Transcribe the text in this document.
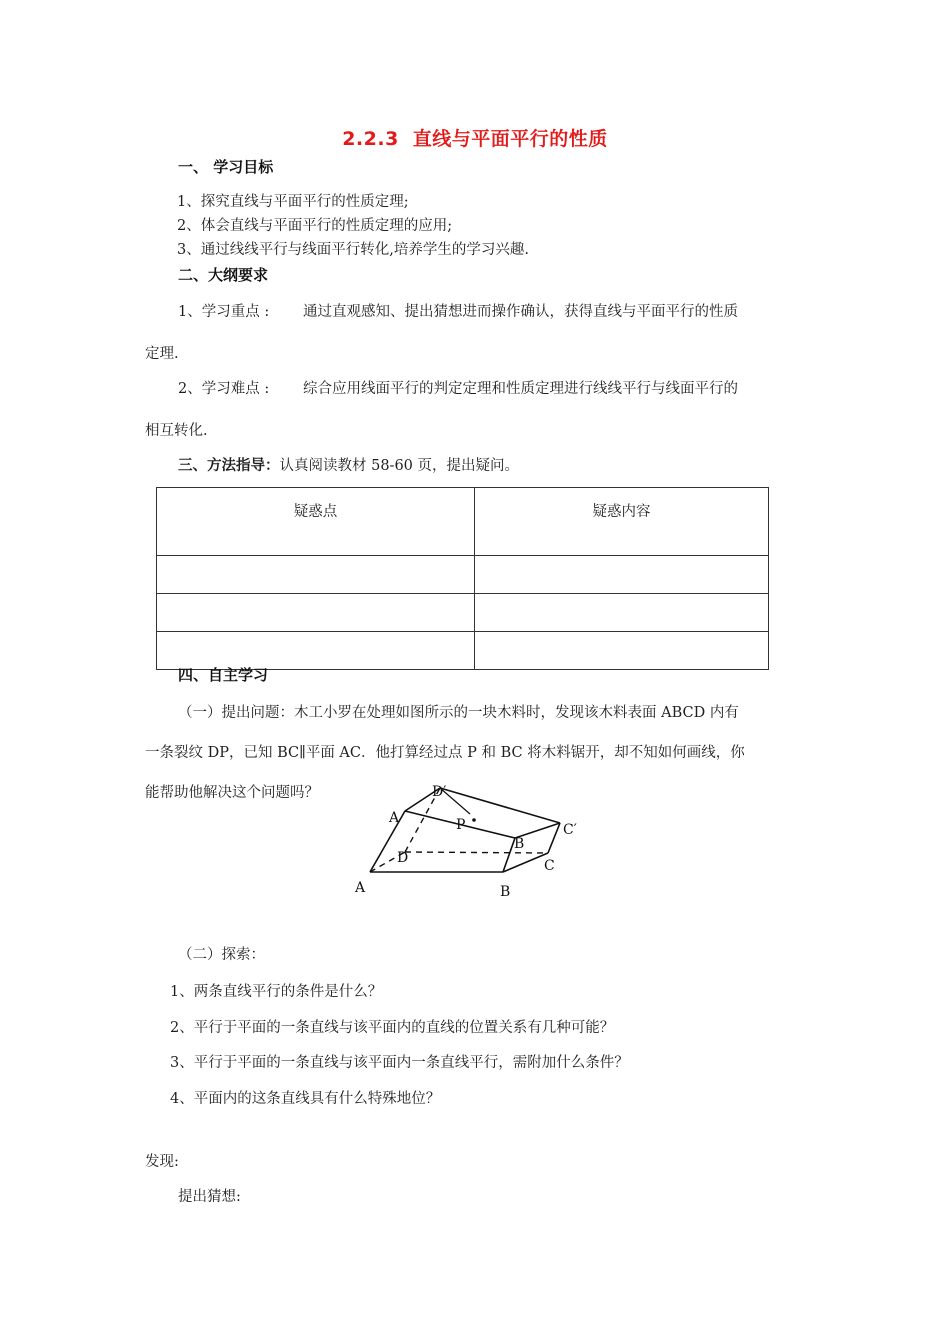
2.2.3 直线与平面平行的性质
一、 学习目标
1、探究直线与平面平行的性质定理;
2、体会直线与平面平行的性质定理的应用;
3、通过线线平行与线面平行转化,培养学生的学习兴趣.
二、大纲要求
1、学习重点 : 通过直观感知、提出猜想进而操作确认，获得直线与平面平行的性质
定理.
2、学习难点 : 综合应用线面平行的判定定理和性质定理进行线线平行与线面平行的
相互转化.
三、方法指导：认真阅读教材 58-60 页，提出疑问。
疑惑点	疑惑内容

四、自主学习
（一）提出问题：木工小罗在处理如图所示的一块木料时，发现该木料表面 ABCD 内有
一条裂纹 DP，已知 BC∥平面 AC．他打算经过点 P 和 BC 将木料锯开，却不知如何画线，你
能帮助他解决这个问题吗？	D′
A	P
B
C′
D	C
A	B
（二）探索：
1、两条直线平行的条件是什么？
2、平行于平面的一条直线与该平面内的直线的位置关系有几种可能？
3、平行于平面的一条直线与该平面内一条直线平行，需附加什么条件？
4、平面内的这条直线具有什么特殊地位？
发现:
提出猜想:
